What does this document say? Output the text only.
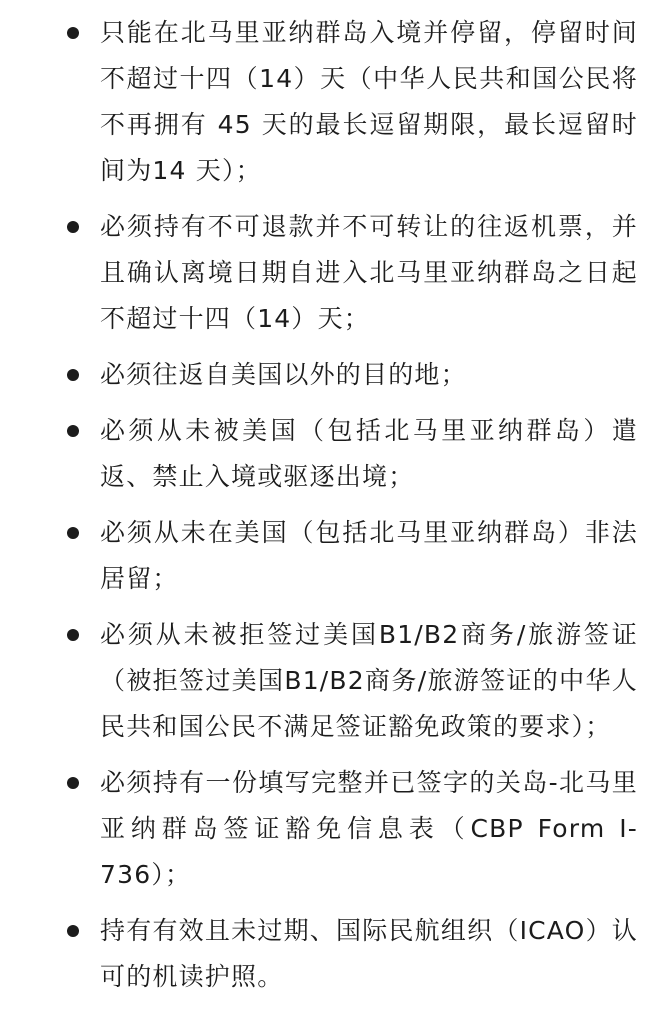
只能在北马里亚纳群岛入境并停留，停留时间不超过十四（14）天（中华人民共和国公民将不再拥有 45 天的最长逗留期限，最长逗留时间为14 天）；
必须持有不可退款并不可转让的往返机票，并且确认离境日期自进入北马里亚纳群岛之日起不超过十四（14）天；
必须往返自美国以外的目的地；
必须从未被美国（包括北马里亚纳群岛）遣返、禁止入境或驱逐出境；
必须从未在美国（包括北马里亚纳群岛）非法居留；
必须从未被拒签过美国B1/B2商务/旅游签证（被拒签过美国B1/B2商务/旅游签证的中华人民共和国公民不满足签证豁免政策的要求）；
必须持有一份填写完整并已签字的关岛-北马里亚纳群岛签证豁免信息表（CBP Form I-736）；
持有有效且未过期、国际民航组织（ICAO）认可的机读护照。
